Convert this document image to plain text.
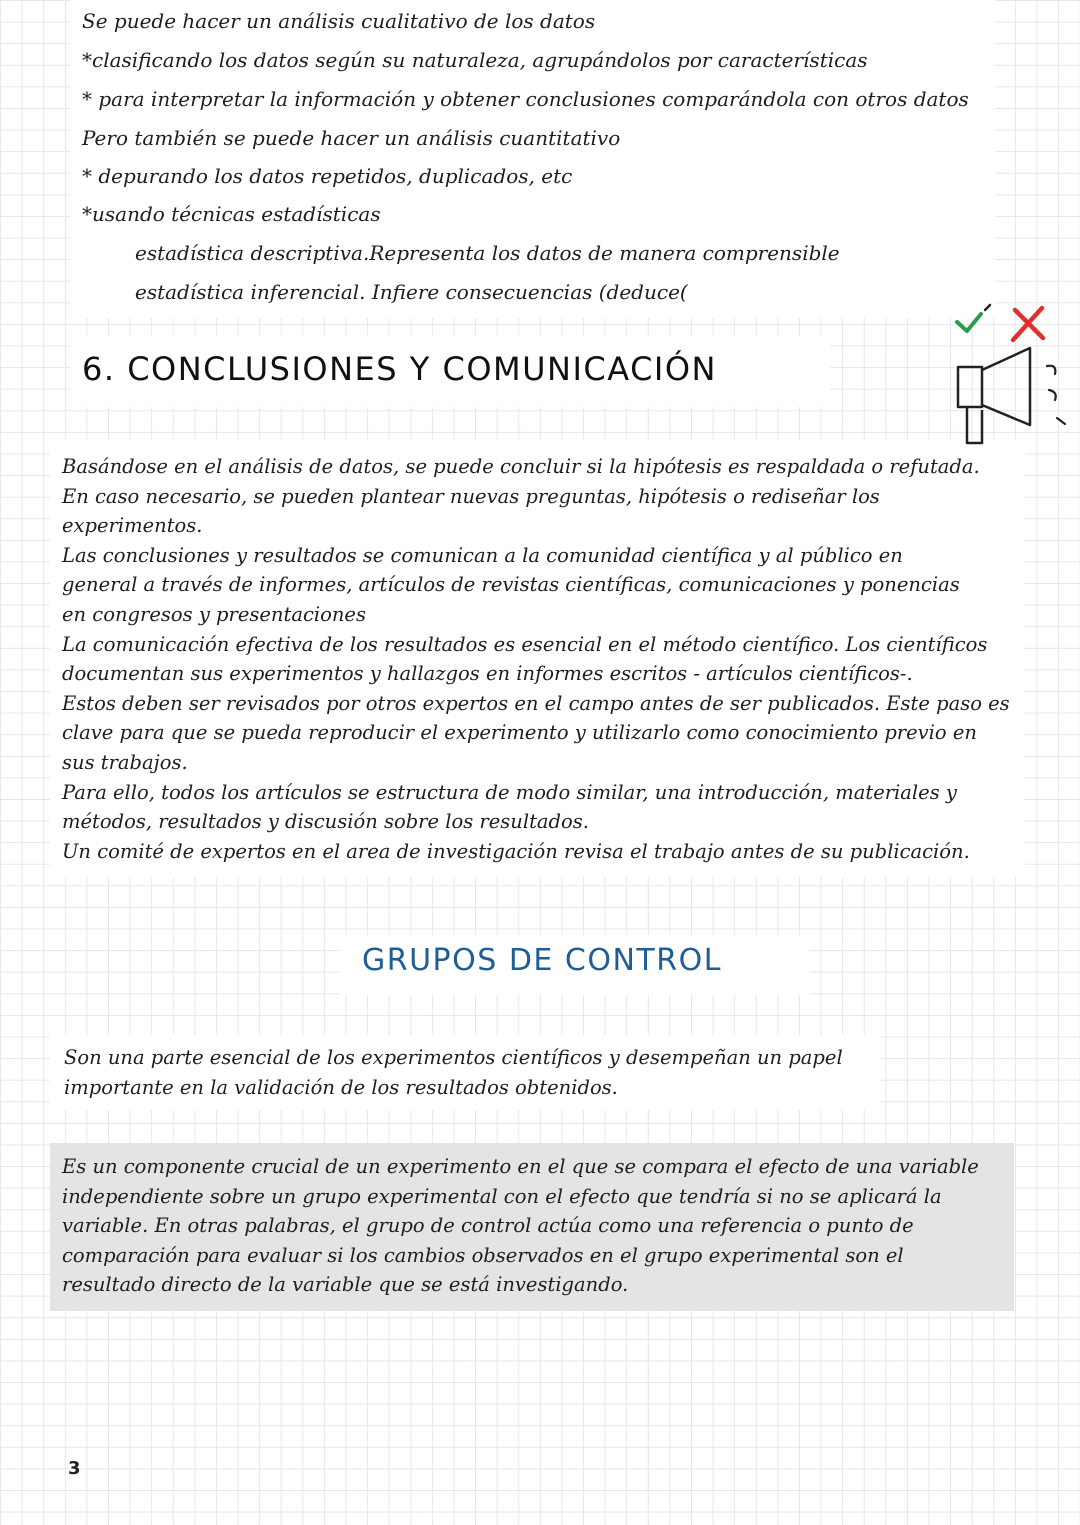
Se puede hacer un análisis cualitativo de los datos
*clasificando los datos según su naturaleza, agrupándolos por características
* para interpretar la información y obtener conclusiones comparándola con otros datos
Pero también se puede hacer un análisis cuantitativo
* depurando los datos repetidos, duplicados, etc
*usando técnicas estadísticas
estadística descriptiva.Representa los datos de manera comprensible
estadística inferencial. Infiere consecuencias (deduce(
6. CONCLUSIONES Y COMUNICACIÓN
Basándose en el análisis de datos, se puede concluir si la hipótesis es respaldada o refutada.
En caso necesario, se pueden plantear nuevas preguntas, hipótesis o rediseñar los
experimentos.
Las conclusiones y resultados se comunican a la comunidad científica y al público en
general a través de informes, artículos de revistas científicas, comunicaciones y ponencias
en congresos y presentaciones
La comunicación efectiva de los resultados es esencial en el método científico. Los científicos
documentan sus experimentos y hallazgos en informes escritos - artículos científicos-.
Estos deben ser revisados por otros expertos en el campo antes de ser publicados. Este paso es
clave para que se pueda reproducir el experimento y utilizarlo como conocimiento previo en
sus trabajos.
Para ello, todos los artículos se estructura de modo similar, una introducción, materiales y
métodos, resultados y discusión sobre los resultados.
Un comité de expertos en el area de investigación revisa el trabajo antes de su publicación.
GRUPOS DE CONTROL
Son una parte esencial de los experimentos científicos y desempeñan un papel
importante en la validación de los resultados obtenidos.
Es un componente crucial de un experimento en el que se compara el efecto de una variable
independiente sobre un grupo experimental con el efecto que tendría si no se aplicará la
variable. En otras palabras, el grupo de control actúa como una referencia o punto de
comparación para evaluar si los cambios observados en el grupo experimental son el
resultado directo de la variable que se está investigando.
3
